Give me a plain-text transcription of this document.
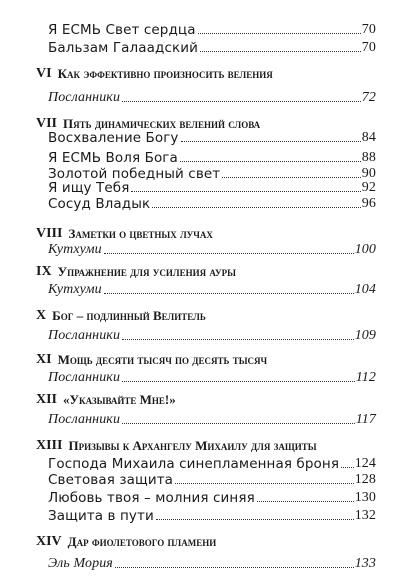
Я ЕСМЬ Свет сердца	70
Бальзам Галаадский	70
VI Как эффективно произносить веления
Посланники	72
VII Пять динамических велений слова
Восхваление Богу	84
Я ЕСМЬ Воля Бога	88
Золотой победный свет	90
Я ищу Тебя	92
Сосуд Владык	96
VIII Заметки о цветных лучах
Кутхуми	100
IX Упражнение для усиления ауры
Кутхуми	104
X Бог – подлинный Велитель
Посланники	109
XI Мощь десяти тысяч по десять тысяч
Посланники	112
XII «Указывайте Мне!»
Посланники	117
XIII Призывы к Архангелу Михаилу для защиты
Господа Михаила синепламенная броня 124
Световая защита	128
Любовь твоя – молния синяя	130
Защита в пути	132
XIV Дар фиолетового пламени
Эль Мория	133
